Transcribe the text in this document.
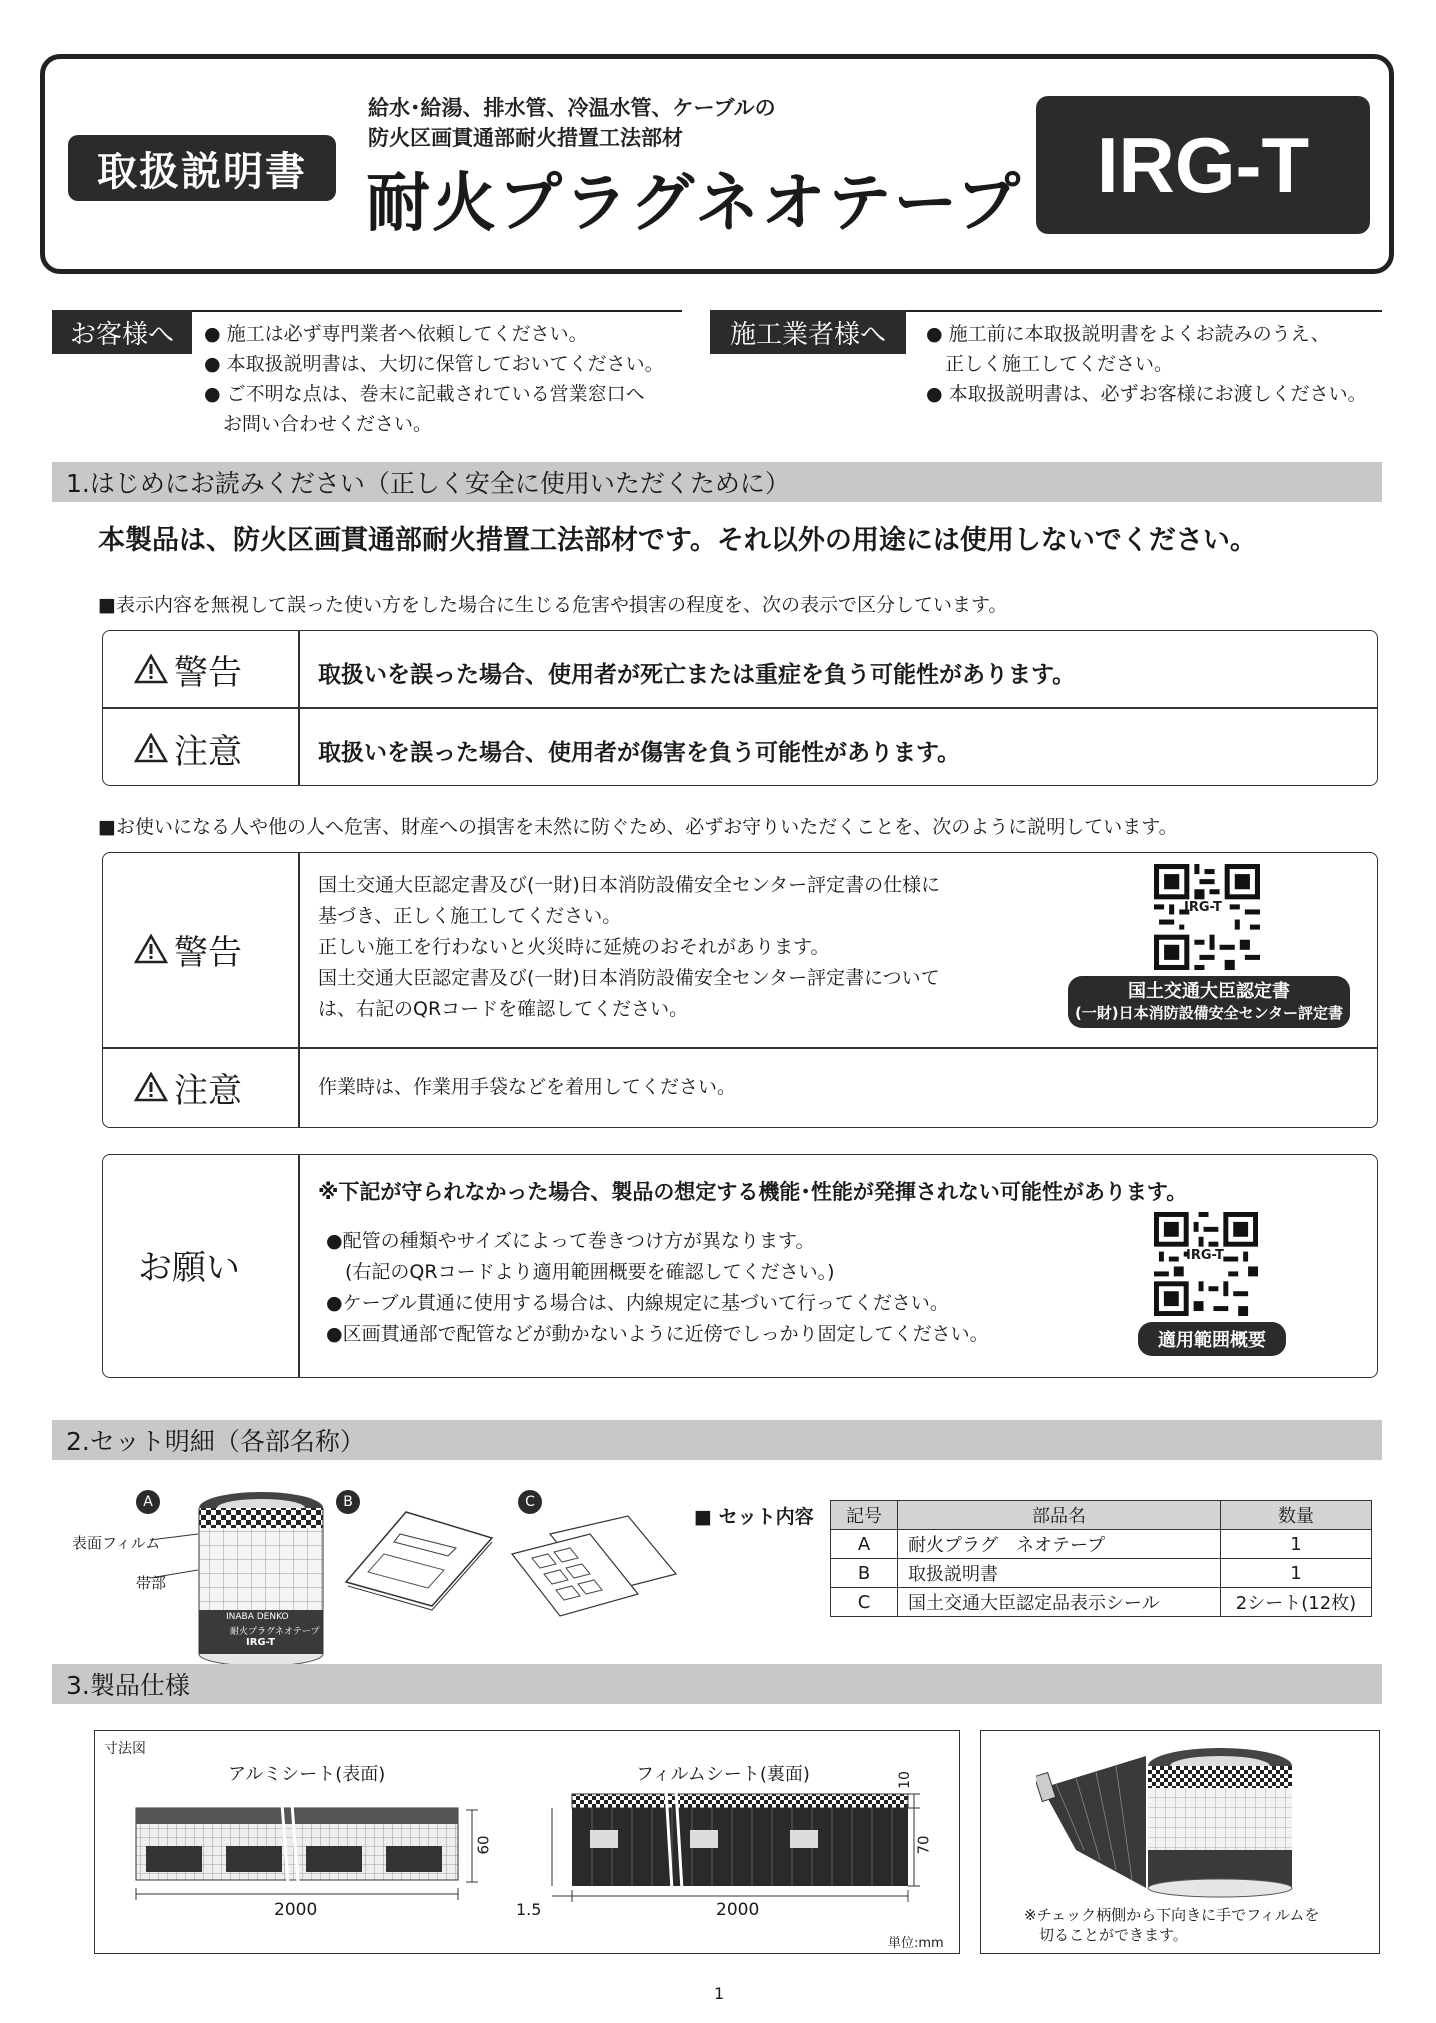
取扱説明書
給水･給湯、排水管、冷温水管、ケーブルの
防火区画貫通部耐火措置工法部材
耐火プラグネオテープ IRG-T
お客様へ	● 施工は必ず専門業者へ依頼してください。
● 本取扱説明書は、大切に保管しておいてください。
● ご不明な点は、巻末に記載されている営業窓口へ
　お問い合わせください。
施工業者様へ	● 施工前に本取扱説明書をよくお読みのうえ、
　正しく施工してください。
● 本取扱説明書は、必ずお客様にお渡しください。
1.はじめにお読みください（正しく安全に使用いただくために）
本製品は、防火区画貫通部耐火措置工法部材です。それ以外の用途には使用しないでください。
■表示内容を無視して誤った使い方をした場合に生じる危害や損害の程度を、次の表示で区分しています。
警告	取扱いを誤った場合、使用者が死亡または重症を負う可能性があります。
注意	取扱いを誤った場合、使用者が傷害を負う可能性があります。
■お使いになる人や他の人へ危害、財産への損害を未然に防ぐため、必ずお守りいただくことを、次のように説明しています。
警告
国土交通大臣認定書及び(一財)日本消防設備安全センター評定書の仕様に
基づき、正しく施工してください。
正しい施工を行わないと火災時に延焼のおそれがあります。
国土交通大臣認定書及び(一財)日本消防設備安全センター評定書について
は、右記のQRコードを確認してください。
IRG-T
国土交通大臣認定書
(一財)日本消防設備安全センター評定書
注意	作業時は、作業用手袋などを着用してください。
お願い
※下記が守られなかった場合、製品の想定する機能･性能が発揮されない可能性があります。
●配管の種類やサイズによって巻きつけ方が異なります。
　(右記のQRコードより適用範囲概要を確認してください。)
●ケーブル貫通に使用する場合は、内線規定に基づいて行ってください。
●区画貫通部で配管などが動かないように近傍でしっかり固定してください。
IRG-T
適用範囲概要
2.セット明細（各部名称）
A
表面フィルム
帯部
INABA DENKO
耐火プラグネオテープ
IRG-T
B	C
■ セット内容 記号	部品名	数量
A	耐火プラグ　ネオテープ	1
B	取扱説明書	1
C	国土交通大臣認定品表示シール	2シート(12枚)
3.製品仕様
寸法図
アルミシート(表面)	フィルムシート(裏面)
2000
60
1.5	2000
10
70
単位:mm
※チェック柄側から下向きに手でフィルムを
　切ることができます。
1
